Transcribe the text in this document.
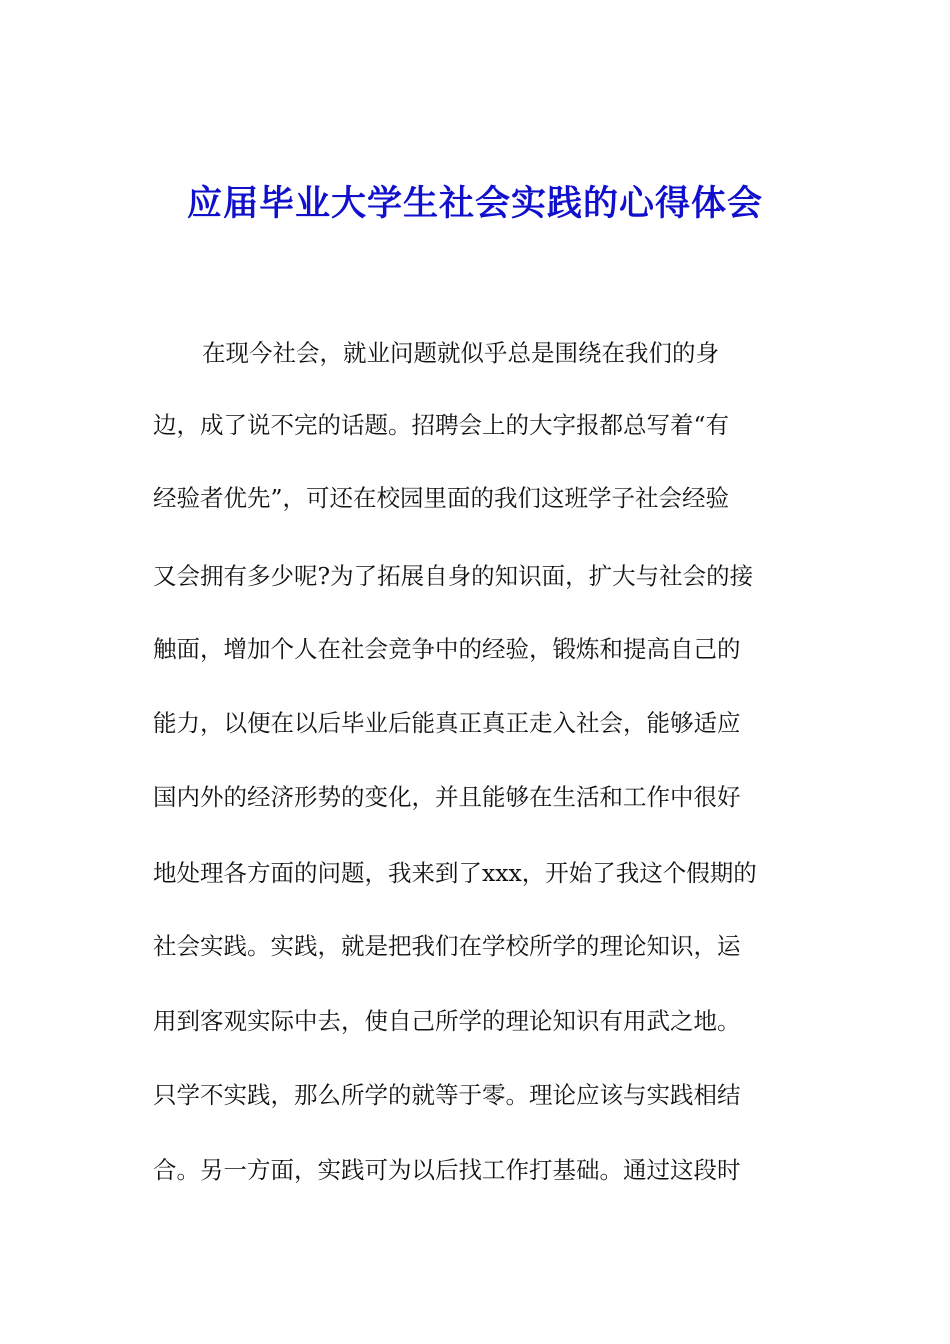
应届毕业大学生社会实践的心得体会
在现今社会，就业问题就似乎总是围绕在我们的身
边，成了说不完的话题。招聘会上的大字报都总写着“有
经验者优先”，可还在校园里面的我们这班学子社会经验
又会拥有多少呢?为了拓展自身的知识面，扩大与社会的接
触面，增加个人在社会竞争中的经验，锻炼和提高自己的
能力，以便在以后毕业后能真正真正走入社会，能够适应
国内外的经济形势的变化，并且能够在生活和工作中很好
地处理各方面的问题，我来到了xxx，开始了我这个假期的
社会实践。实践，就是把我们在学校所学的理论知识，运
用到客观实际中去，使自己所学的理论知识有用武之地。
只学不实践，那么所学的就等于零。理论应该与实践相结
合。另一方面，实践可为以后找工作打基础。通过这段时
